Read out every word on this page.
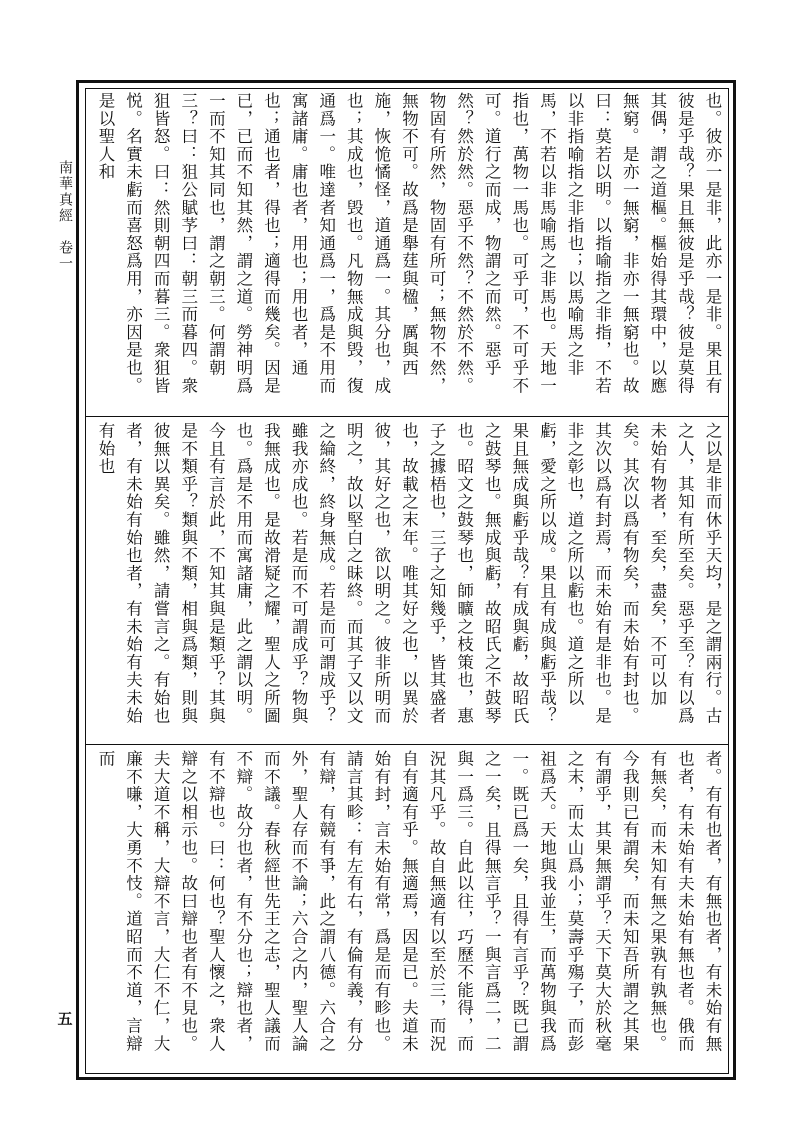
南華真經　卷一
五
也。彼亦一是非，此亦一是非。果且有彼是乎哉？果且無彼是乎哉？彼是莫得其偶，謂之道樞。樞始得其環中，以應無窮。是亦一無窮，非亦一無窮也。故曰：莫若以明。以指喻指之非指，不若以非指喻指之非指也；以馬喻馬之非馬，不若以非馬喻馬之非馬也。天地一指也，萬物一馬也。可乎可，不可乎不可。道行之而成，物謂之而然。惡乎然？然於然。惡乎不然？不然於不然。物固有所然，物固有所可；無物不然，無物不可。故爲是舉莛與楹，厲與西施，恢恑憰怪，道通爲一。其分也，成也；其成也，毁也。凡物無成與毁，復通爲一。唯達者知通爲一，爲是不用而寓諸庸。庸也者，用也；用也者，通也；通也者，得也；適得而幾矣。因是已，已而不知其然，謂之道。勞神明爲一而不知其同也，謂之朝三。何謂朝三？曰：狙公賦芧曰：朝三而暮四。衆狙皆怒。曰：然則朝四而暮三。衆狙皆悦。名實未虧而喜怒爲用，亦因是也。是以聖人和
之以是非而休乎天均，是之謂兩行。古之人，其知有所至矣。惡乎至？有以爲未始有物者，至矣，盡矣，不可以加矣。其次以爲有物矣，而未始有封也。其次以爲有封焉，而未始有是非也。是非之彰也，道之所以虧也。道之所以虧，愛之所以成。果且有成與虧乎哉？果且無成與虧乎哉？有成與虧，故昭氏之鼓琴也。無成與虧，故昭氏之不鼓琴也。昭文之鼓琴也，師曠之枝策也，惠子之據梧也，三子之知幾乎，皆其盛者也，故載之末年。唯其好之也，以異於彼，其好之也，欲以明之。彼非所明而明之，故以堅白之昧終。而其子又以文之綸終，終身無成。若是而可謂成乎？雖我亦成也。若是而不可謂成乎？物與我無成也。是故滑疑之耀，聖人之所圖也。爲是不用而寓諸庸，此之謂以明。今且有言於此，不知其與是類乎？其與是不類乎？類與不類，相與爲類，則與彼無以異矣。雖然，請嘗言之。有始也者，有未始有始也者，有未始有夫未始有始也
者。有有也者，有無也者，有未始有無也者，有未始有夫未始有無也者。俄而有無矣，而未知有無之果孰有孰無也。今我則已有謂矣，而未知吾所謂之其果有謂乎，其果無謂乎？天下莫大於秋毫之末，而太山爲小；莫壽乎殤子，而彭祖爲夭。天地與我並生，而萬物與我爲一。既已爲一矣，且得有言乎？既已謂之一矣，且得無言乎？一與言爲二，二與一爲三。自此以往，巧歷不能得，而況其凡乎。故自無適有以至於三，而況自有適有乎。無適焉，因是已。夫道未始有封，言未始有常，爲是而有畛也。請言其畛：有左有右，有倫有義，有分有辯，有競有爭，此之謂八德。六合之外，聖人存而不論；六合之内，聖人論而不議。春秋經世先王之志，聖人議而不辯。故分也者，有不分也；辯也者，有不辯也。曰：何也？聖人懷之，衆人辯之以相示也。故曰辯也者有不見也。夫大道不稱，大辯不言，大仁不仁，大廉不嗛，大勇不忮。道昭而不道，言辯而
